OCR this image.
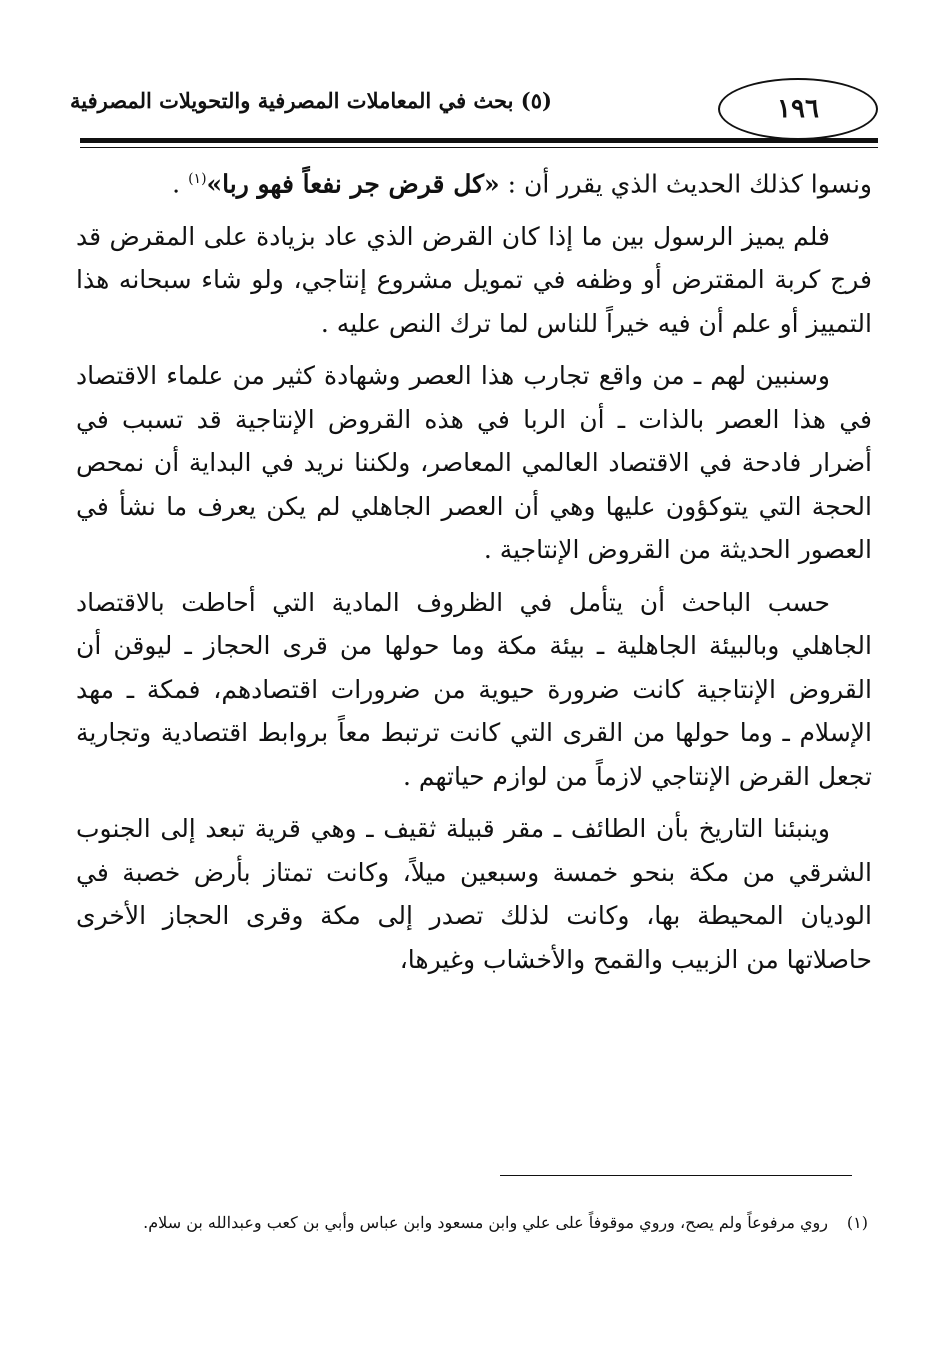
١٩٦
(٥) بحث في المعاملات المصرفية والتحويلات المصرفية

ونسوا كذلك الحديث الذي يقرر أن : «كل قرض جر نفعاً فهو ربا»$^{(١)}$ .

فلم يميز الرسول بين ما إذا كان القرض الذي عاد بزيادة على المقرض قد فرج كربة المقترض أو وظفه في تمويل مشروع إنتاجي، ولو شاء سبحانه هذا التمييز أو علم أن فيه خيراً للناس لما ترك النص عليه .

وسنبين لهم ـ من واقع تجارب هذا العصر وشهادة كثير من علماء الاقتصاد في هذا العصر بالذات ـ أن الربا في هذه القروض الإنتاجية قد تسبب في أضرار فادحة في الاقتصاد العالمي المعاصر، ولكننا نريد في البداية أن نمحص الحجة التي يتوكؤون عليها وهي أن العصر الجاهلي لم يكن يعرف ما نشأ في العصور الحديثة من القروض الإنتاجية .

حسب الباحث أن يتأمل في الظروف المادية التي أحاطت بالاقتصاد الجاهلي وبالبيئة الجاهلية ـ بيئة مكة وما حولها من قرى الحجاز ـ ليوقن أن القروض الإنتاجية كانت ضرورة حيوية من ضرورات اقتصادهم، فمكة ـ مهد الإسلام ـ وما حولها من القرى التي كانت ترتبط معاً بروابط اقتصادية وتجارية تجعل القرض الإنتاجي لازماً من لوازم حياتهم .

وينبئنا التاريخ بأن الطائف ـ مقر قبيلة ثقيف ـ وهي قرية تبعد إلى الجنوب الشرقي من مكة بنحو خمسة وسبعين ميلاً، وكانت تمتاز بأرض خصبة في الوديان المحيطة بها، وكانت لذلك تصدر إلى مكة وقرى الحجاز الأخرى حاصلاتها من الزبيب والقمح والأخشاب وغيرها،

(١)روي مرفوعاً ولم يصح، وروي موقوفاً على علي وابن مسعود وابن عباس وأبي بن كعب وعبدالله بن سلام.
